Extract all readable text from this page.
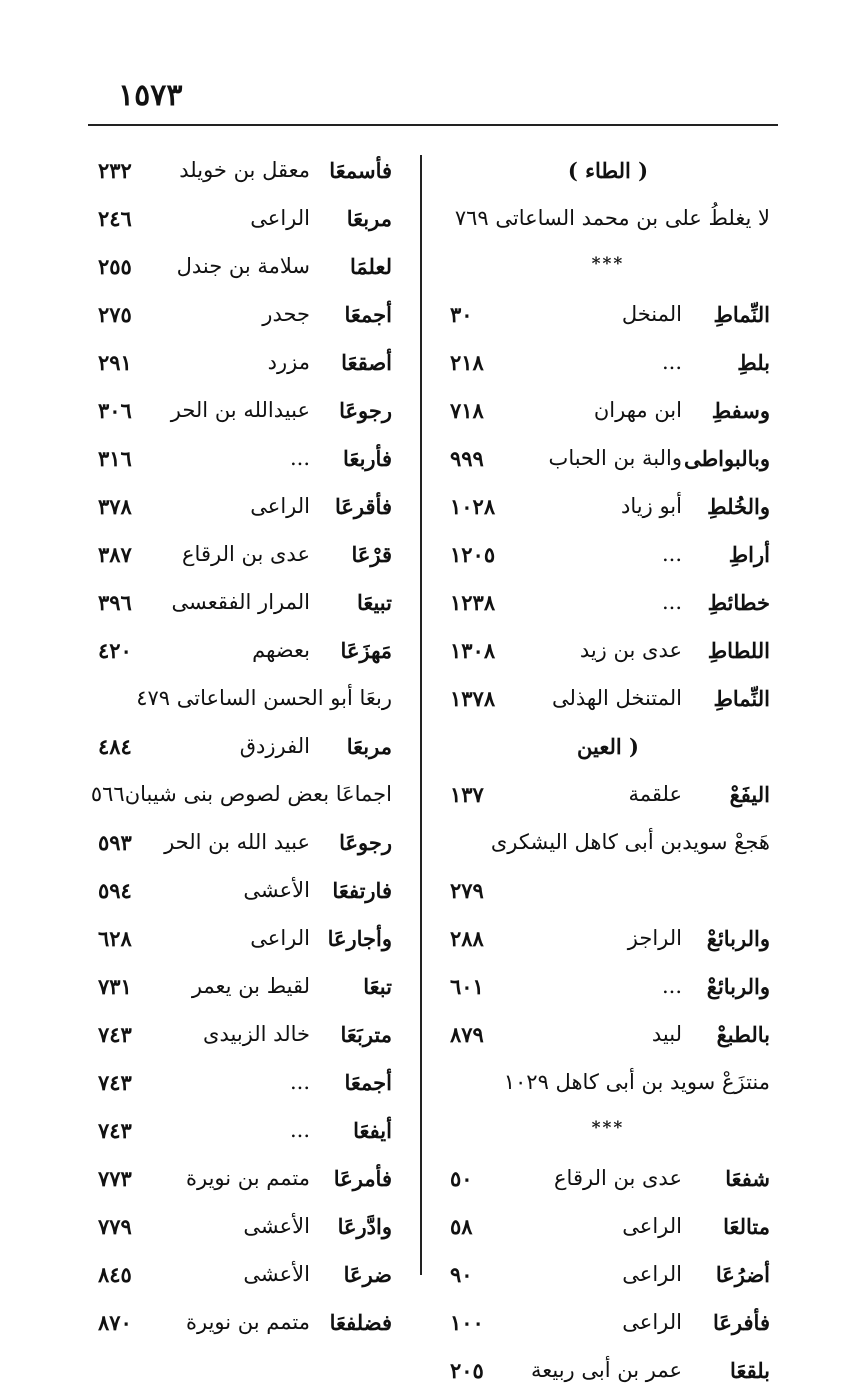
١٥٧٣
( الطاء )
لا يغلطُ على بن محمد الساعاتى ٧٦٩
***
النِّماطِ
المنخل
٣٠
بلطِ
...
٢١٨
وسفطِ
ابن مهران
٧١٨
وبالبواطى
والبة بن الحباب
٩٩٩
والخُلطِ
أبو زياد
١٠٢٨
أراطِ
...
١٢٠٥
خطائطِ
...
١٢٣٨
اللطاطِ
عدى بن زيد
١٣٠٨
النِّماطِ
المتنخل الهذلى
١٣٧٨
( العين
اليفَعْ
علقمة
١٣٧
هَجعْ سويدبن أبى كاهل اليشكرى
٢٧٩
والربائعْ
الراجز
٢٨٨
والربائعْ
...
٦٠١
بالطبعْ
لبيد
٨٧٩
منتزَعْ سويد بن أبى كاهل ١٠٢٩
***
شفعَا
عدى بن الرقاع
٥٠
متالعَا
الراعى
٥٨
أضرُعَا
الراعى
٩٠
فأفرعَا
الراعى
١٠٠
بلقعَا
عمر بن أبى ربيعة
٢٠٥
فأسمعَا
معقل بن خويلد
٢٣٢
مربعَا
الراعى
٢٤٦
لعلمَا
سلامة بن جندل
٢٥٥
أجمعَا
جحدر
٢٧٥
أصقعَا
مزرد
٢٩١
رجوعَا
عبيدالله بن الحر
٣٠٦
فأربعَا
...
٣١٦
فأقرعَا
الراعى
٣٧٨
قرْعَا
عدى بن الرقاع
٣٨٧
تبيعَا
المرار الفقعسى
٣٩٦
مَهزَعَا
بعضهم
٤٢٠
ربعَا أبو الحسن الساعاتى ٤٧٩
مربعَا
الفرزدق
٤٨٤
اجماعَا بعض لصوص بنى شيبان٥٦٦
رجوعَا
عبيد الله بن الحر
٥٩٣
فارتفعَا
الأعشى
٥٩٤
وأجارعَا
الراعى
٦٢٨
تبعَا
لقيط بن يعمر
٧٣١
متربَعَا
خالد الزبيدى
٧٤٣
أجمعَا
...
٧٤٣
أيفعَا
...
٧٤٣
فأمرعَا
متمم بن نويرة
٧٧٣
وادَّرعَا
الأعشى
٧٧٩
ضرعَا
الأعشى
٨٤٥
فضلفعَا
متمم بن نويرة
٨٧٠
